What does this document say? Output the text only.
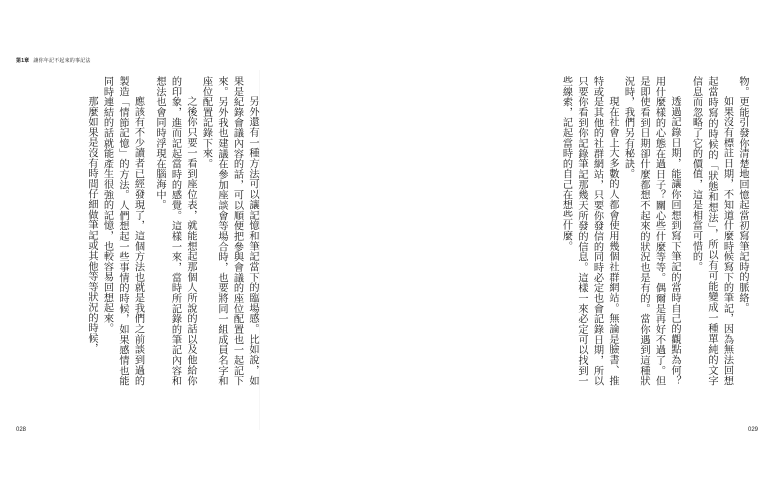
第1章 讓你年記不起來的事記法

另外還有一種方法可以讓記憶和筆記當下的臨場感。比如說，如果是紀錄會議內容的話，可以順便把參與會議的座位配置也一起記下來。另外我也建議在參加座談會等場合時，也要將同一組成員名字和座位配置記錄下來。

之後你只要一看到座位表，就能想起那個人所說的話以及他給你的印象，進而記起當時的感覺。這樣一來，當時所記錄的筆記內容和想法也會同時浮現在腦海中。

應該有不少讀者已經發現了，這個方法也就是我們之前談到過的製造「情節記憶」的方法。人們想起一些事情的時候，如果感情也能同時連結的話就能產生很強的記憶，也較容易回想起來。

那麼如果是沒有時間仔細做筆記或其他等等狀況的時候，

028

物。更能引發你清楚地回憶起當初寫筆記時的脈絡。

如果沒有標註日期，不知道什麼時候寫下的筆記，因為無法回想起當時寫的時候的「狀態和想法」，所以有可能變成一種單純的文字信息而忽略了它的價值，這是相當可惜的。

透過記錄日期，能讓你回想到寫下筆記的當時自己的觀點為何？用什麼樣的心態在過日子？關心些什麼等等。偶爾是再好不過了。但是即使看到日期卻什麼都想不起來的狀況也是有的。當你遇到這種狀況時，我們另有秘訣。

現在社會上大多數的人都會使用幾個社群網站。無論是臉書、推特或是其他的社群網站，只要你發信的同時必定也會記錄日期，所以只要你看到你記錄筆記那幾天所發的信息。這樣一來必定可以找到一些線索，記起當時的自己在想些什麼。

029
